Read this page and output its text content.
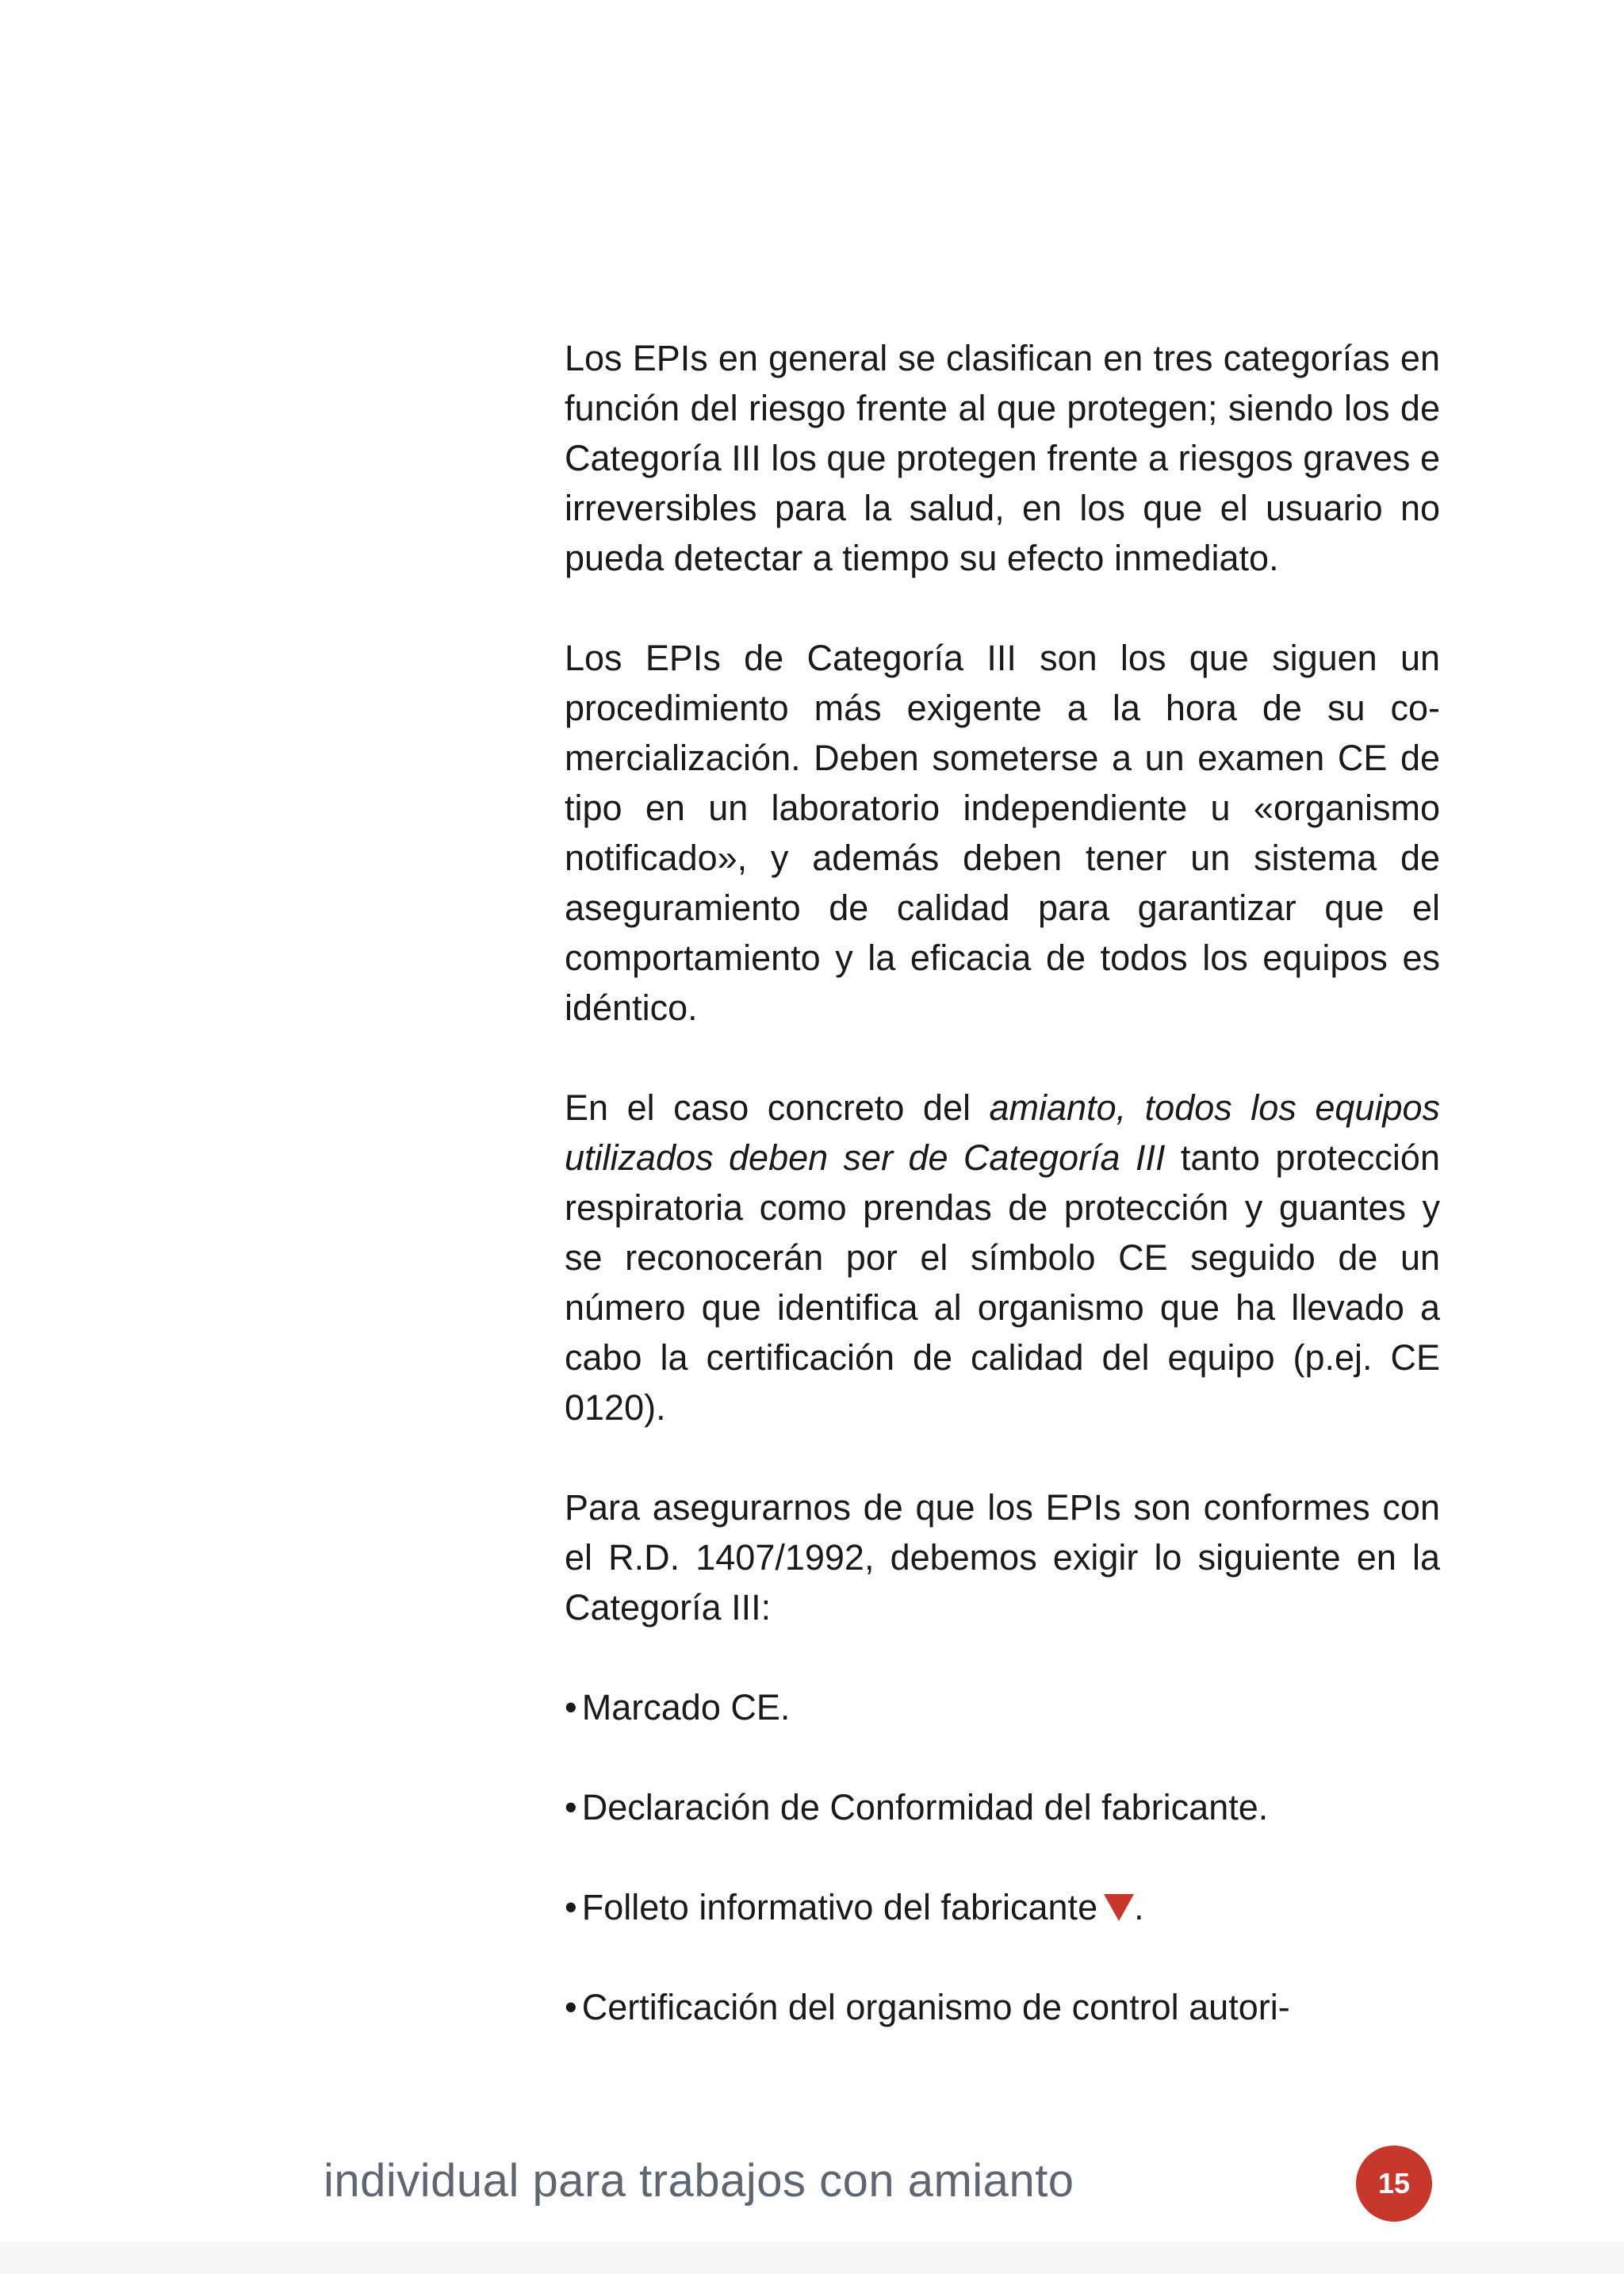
Los EPIs en general se clasifican en tres categorías en función del riesgo frente al que protegen; siendo los de Categoría III los que protegen frente a riesgos graves e irreversibles para la salud, en los que el usuario no pueda detectar a tiempo su efecto inmediato.

Los EPIs de Categoría III son los que siguen un procedimiento más exigente a la hora de su comercialización. Deben someterse a un examen CE de tipo en un laboratorio independiente u «organismo notificado», y además deben tener un sistema de aseguramiento de calidad para garantizar que el comportamiento y la eficacia de todos los equipos es idéntico.

En el caso concreto del amianto, todos los equipos utilizados deben ser de Categoría III tanto protección respiratoria como prendas de protección y guantes y se reconocerán por el símbolo CE seguido de un número que identifica al organismo que ha llevado a cabo la certificación de calidad del equipo (p.ej. CE 0120).

Para asegurarnos de que los EPIs son conformes con el R.D. 1407/1992, debemos exigir lo siguiente en la Categoría III:

• Marcado CE.
• Declaración de Conformidad del fabricante.
• Folleto informativo del fabricante .
• Certificación del organismo de control autori-
individual para trabajos con amianto	15
